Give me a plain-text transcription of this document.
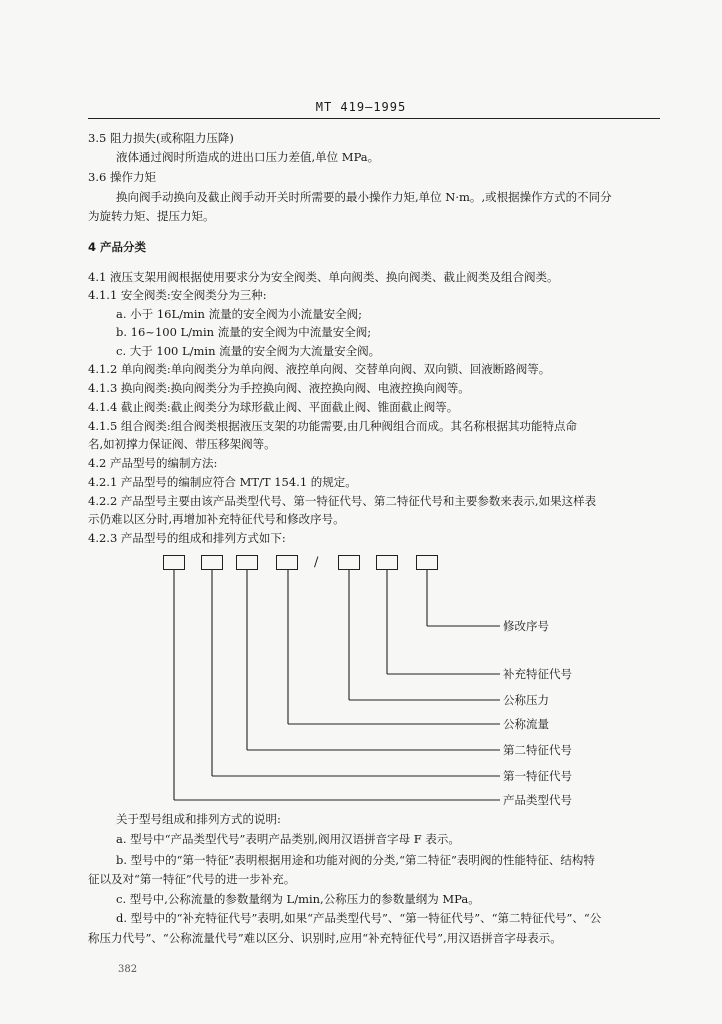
MT 419—1995
3.5 阻力损失(或称阻力压降)
液体通过阀时所造成的进出口压力差值,单位 MPa。
3.6 操作力矩
换向阀手动换向及截止阀手动开关时所需要的最小操作力矩,单位 N·m。,或根据操作方式的不同分
为旋转力矩、提压力矩。
4 产品分类
4.1 液压支架用阀根据使用要求分为安全阀类、单向阀类、换向阀类、截止阀类及组合阀类。
4.1.1 安全阀类:安全阀类分为三种:
a. 小于 16L/min 流量的安全阀为小流量安全阀;
b. 16~100 L/min 流量的安全阀为中流量安全阀;
c. 大于 100 L/min 流量的安全阀为大流量安全阀。
4.1.2 单向阀类:单向阀类分为单向阀、液控单向阀、交替单向阀、双向锁、回液断路阀等。
4.1.3 换向阀类:换向阀类分为手控换向阀、液控换向阀、电液控换向阀等。
4.1.4 截止阀类:截止阀类分为球形截止阀、平面截止阀、锥面截止阀等。
4.1.5 组合阀类:组合阀类根据液压支架的功能需要,由几种阀组合而成。其名称根据其功能特点命
名,如初撑力保证阀、带压移架阀等。
4.2 产品型号的编制方法:
4.2.1 产品型号的编制应符合 MT/T 154.1 的规定。
4.2.2 产品型号主要由该产品类型代号、第一特征代号、第二特征代号和主要参数来表示,如果这样表
示仍难以区分时,再增加补充特征代号和修改序号。
4.2.3 产品型号的组成和排列方式如下:
/
修改序号
补充特征代号
公称压力
公称流量
第二特征代号
第一特征代号
产品类型代号
关于型号组成和排列方式的说明:
a. 型号中“产品类型代号”表明产品类别,阀用汉语拼音字母 F 表示。
b. 型号中的“第一特征”表明根据用途和功能对阀的分类,“第二特征”表明阀的性能特征、结构特
征以及对“第一特征”代号的进一步补充。
c. 型号中,公称流量的参数量纲为 L/min,公称压力的参数量纲为 MPa。
d. 型号中的“补充特征代号”表明,如果“产品类型代号”、“第一特征代号”、“第二特征代号”、“公
称压力代号”、“公称流量代号”难以区分、识别时,应用“补充特征代号”,用汉语拼音字母表示。
382
